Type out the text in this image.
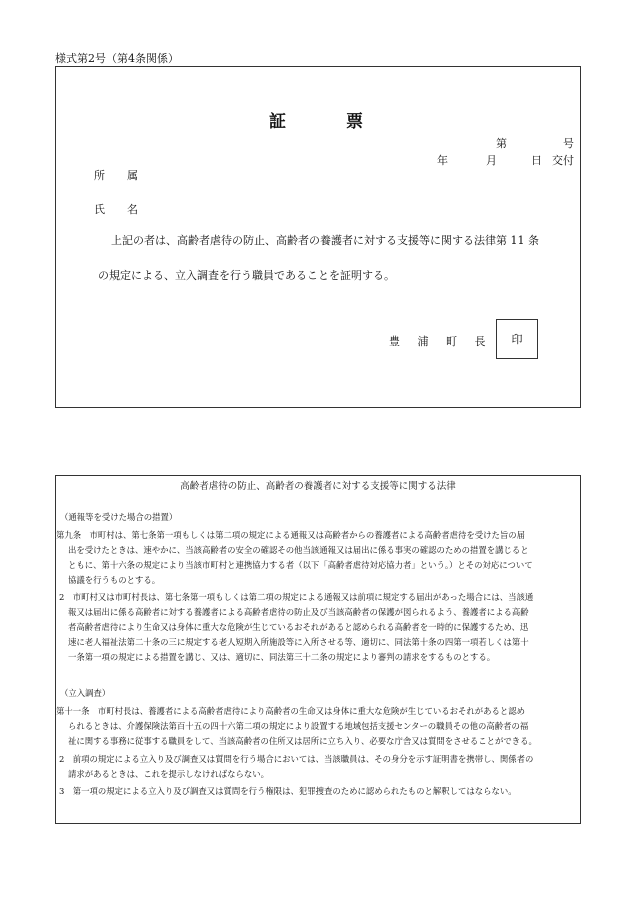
様式第2号（第4条関係）
証	票
第	号
年	月	日 交付
所 属
氏 名
上記の者は、高齢者虐待の防止、高齢者の養護者に対する支援等に関する法律第 11 条
の規定による、立入調査を行う職員であることを証明する。
豊 浦 町 長 印
高齢者虐待の防止、高齢者の養護者に対する支援等に関する法律
（通報等を受けた場合の措置）
第九条　市町村は、第七条第一項もしくは第二項の規定による通報又は高齢者からの養護者による高齢者虐待を受けた旨の届
出を受けたときは、速やかに、当該高齢者の安全の確認その他当該通報又は届出に係る事実の確認のための措置を講じると
ともに、第十六条の規定により当該市町村と連携協力する者（以下「高齢者虐待対応協力者」という。）とその対応について
協議を行うものとする。
2　市町村又は市町村長は、第七条第一項もしくは第二項の規定による通報又は前項に規定する届出があった場合には、当該通
報又は届出に係る高齢者に対する養護者による高齢者虐待の防止及び当該高齢者の保護が図られるよう、養護者による高齢
者高齢者虐待により生命又は身体に重大な危険が生じているおそれがあると認められる高齢者を一時的に保護するため、迅
速に老人福祉法第二十条の三に規定する老人短期入所施設等に入所させる等、適切に、同法第十条の四第一項若しくは第十
一条第一項の規定による措置を講じ、又は、適切に、同法第三十二条の規定により審判の請求をするものとする。
（立入調査）
第十一条　市町村長は、養護者による高齢者虐待により高齢者の生命又は身体に重大な危険が生じているおそれがあると認め
られるときは、介護保険法第百十五の四十六第二項の規定により設置する地域包括支援センターの職員その他の高齢者の福
祉に関する事務に従事する職員をして、当該高齢者の住所又は居所に立ち入り、必要な庁舎又は質問をさせることができる。
2　前項の規定による立入り及び調査又は質問を行う場合においては、当該職員は、その身分を示す証明書を携帯し、関係者の
請求があるときは、これを提示しなければならない。
3　第一項の規定による立入り及び調査又は質問を行う権限は、犯罪捜査のために認められたものと解釈してはならない。
